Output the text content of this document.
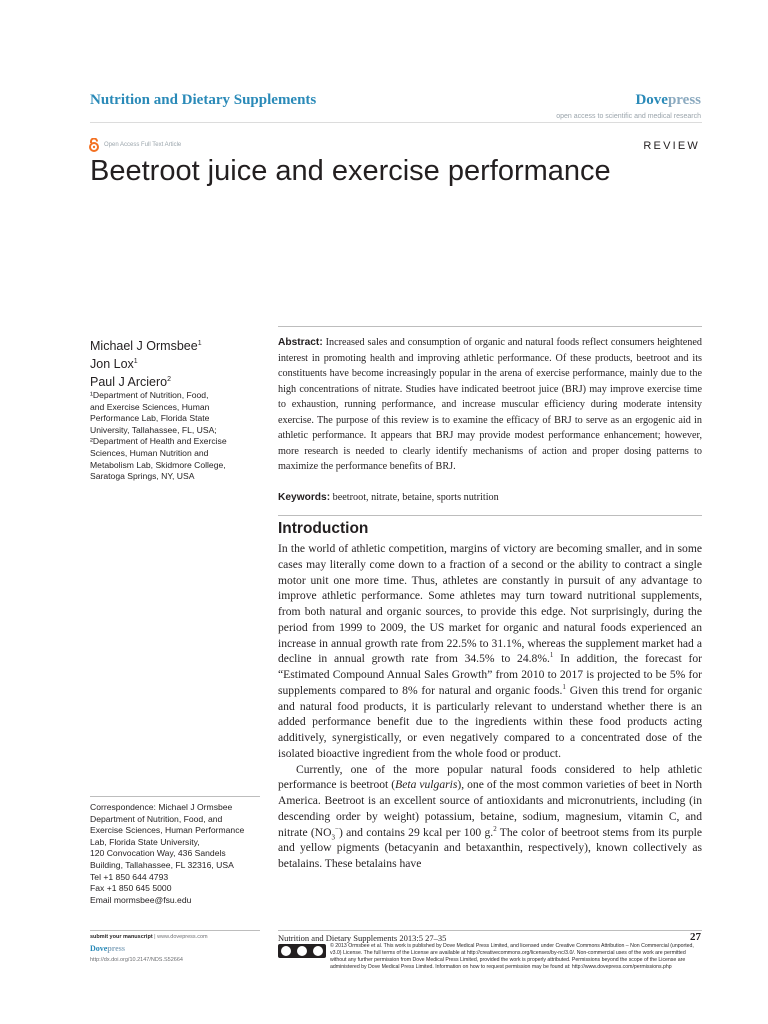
Nutrition and Dietary Supplements	Dovepress
open access to scientific and medical research
Open Access Full Text Article	REVIEW
Beetroot juice and exercise performance
Michael J Ormsbee$^1$
Jon Lox$^1$
Paul J Arciero$^2$
¹Department of Nutrition, Food,
and Exercise Sciences, Human
Performance Lab, Florida State
University, Tallahassee, FL, USA;
²Department of Health and Exercise
Sciences, Human Nutrition and
Metabolism Lab, Skidmore College,
Saratoga Springs, NY, USA
Abstract: Increased sales and consumption of organic and natural foods reflect consumers heightened interest in promoting health and improving athletic performance. Of these products, beetroot and its constituents have become increasingly popular in the arena of exercise performance, mainly due to the high concentrations of nitrate. Studies have indicated beetroot juice (BRJ) may improve exercise time to exhaustion, running performance, and increase muscular efficiency during moderate intensity exercise. The purpose of this review is to examine the efficacy of BRJ to serve as an ergogenic aid in athletic performance. It appears that BRJ may provide modest performance enhancement; however, more research is needed to clearly identify mechanisms of action and proper dosing patterns to maximize the performance benefits of BRJ.
Keywords: beetroot, nitrate, betaine, sports nutrition
Introduction

In the world of athletic competition, margins of victory are becoming smaller, and in some cases may literally come down to a fraction of a second or the ability to contract a single motor unit one more time. Thus, athletes are constantly in pursuit of any advantage to improve athletic performance. Some athletes may turn toward nutritional supplements, from both natural and organic sources, to provide this edge. Not surprisingly, during the period from 1999 to 2009, the US market for organic and natural foods experienced an increase in annual growth rate from 22.5% to 31.1%, whereas the supplement market had a decline in annual growth rate from 34.5% to 24.8%.$^1$ In addition, the forecast for “Estimated Compound Annual Sales Growth” from 2010 to 2017 is projected to be 5% for supplements compared to 8% for natural and organic foods.$^1$ Given this trend for organic and natural food products, it is particularly relevant to understand whether there is an added performance benefit due to the ingredients within these food products acting additively, synergistically, or even negatively compared to a concentrated dose of the isolated bioactive ingredient from the whole food or product.

Currently, one of the more popular natural foods considered to help athletic performance is beetroot (Beta vulgaris), one of the most common varieties of beet in North America. Beetroot is an excellent source of antioxidants and micronutrients, including (in descending order by weight) potassium, betaine, sodium, magnesium, vitamin C, and nitrate $(NO_3^-)$ and contains 29 kcal per 100 g.$^2$ The color of beetroot stems from its purple and yellow pigments (betacyanin and betaxanthin, respectively), known collectively as betalains. These betalains have

Correspondence: Michael J Ormsbee
Department of Nutrition, Food, and
Exercise Sciences, Human Performance
Lab, Florida State University,
120 Convocation Way, 436 Sandels
Building, Tallahassee, FL 32316, USA
Tel +1 850 644 4793
Fax +1 850 645 5000
Email mormsbee@fsu.edu
submit your manuscript | www.dovepress.com
Dovepress
http://dx.doi.org/10.2147/NDS.S52664
Nutrition and Dietary Supplements 2013:5 27–35	27
© 2013 Ormsbee et al. This work is published by Dove Medical Press Limited, and licensed under Creative Commons Attribution – Non Commercial (unported, v3.0) License. The full terms of the License are available at http://creativecommons.org/licenses/by-nc/3.0/. Non-commercial uses of the work are permitted without any further permission from Dove Medical Press Limited, provided the work is properly attributed. Permissions beyond the scope of the License are administered by Dove Medical Press Limited. Information on how to request permission may be found at: http://www.dovepress.com/permissions.php
